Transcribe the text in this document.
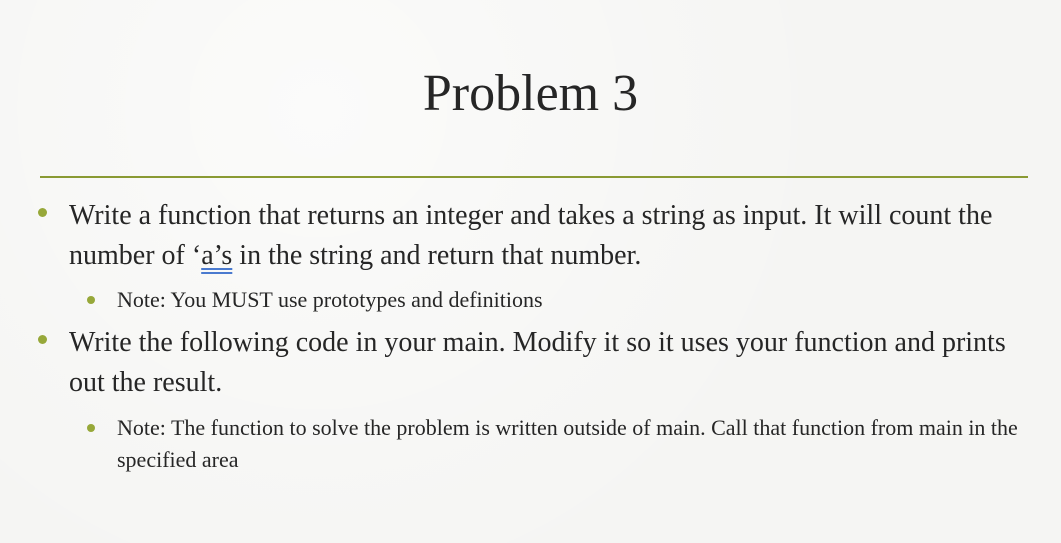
Problem 3

Write a function that returns an integer and takes a string as input. It will count the number of ‘a’s in the string and return that number.

Note: You MUST use prototypes and definitions

Write the following code in your main. Modify it so it uses your function and prints out the result.

Note: The function to solve the problem is written outside of main. Call that function from main in the specified area
